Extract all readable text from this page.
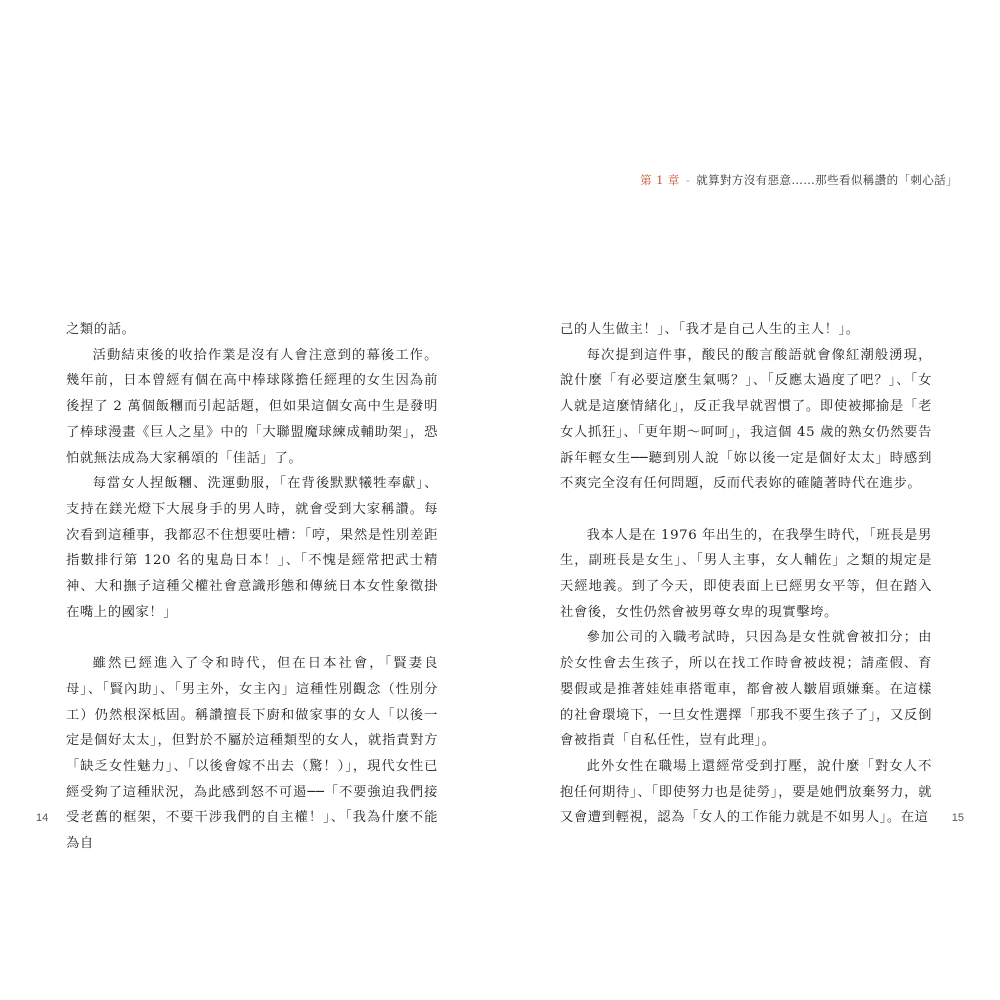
之類的話。

活動結束後的收拾作業是沒有人會注意到的幕後工作。幾年前，日本曾經有個在高中棒球隊擔任經理的女生因為前後捏了 2 萬個飯糰而引起話題，但如果這個女高中生是發明了棒球漫畫《巨人之星》中的「大聯盟魔球練成輔助架」，恐怕就無法成為大家稱頌的「佳話」了。

每當女人捏飯糰、洗運動服，「在背後默默犧牲奉獻」、支持在鎂光燈下大展身手的男人時，就會受到大家稱讚。每次看到這種事，我都忍不住想要吐槽：「哼，果然是性別差距指數排行第 120 名的鬼島日本！」、「不愧是經常把武士精神、大和撫子這種父權社會意識形態和傳統日本女性象徵掛在嘴上的國家！」

雖然已經進入了令和時代，但在日本社會，「賢妻良母」、「賢內助」、「男主外，女主內」這種性別觀念（性別分工）仍然根深柢固。稱讚擅長下廚和做家事的女人「以後一定是個好太太」，但對於不屬於這種類型的女人，就指責對方「缺乏女性魅力」、「以後會嫁不出去（驚！）」，現代女性已經受夠了這種狀況，為此感到怒不可遏──「不要強迫我們接受老舊的框架，不要干涉我們的自主權！」、「我為什麼不能為自

14
第 1 章 - 就算對方沒有惡意……那些看似稱讚的「刺心話」

己的人生做主！」、「我才是自己人生的主人！」。

每次提到這件事，酸民的酸言酸語就會像紅潮般湧現，說什麼「有必要這麼生氣嗎？」、「反應太過度了吧？」、「女人就是這麼情緒化」，反正我早就習慣了。即使被揶揄是「老女人抓狂」、「更年期～呵呵」，我這個 45 歲的熟女仍然要告訴年輕女生──聽到別人說「妳以後一定是個好太太」時感到不爽完全沒有任何問題，反而代表妳的確隨著時代在進步。

我本人是在 1976 年出生的，在我學生時代，「班長是男生，副班長是女生」、「男人主事，女人輔佐」之類的規定是天經地義。到了今天，即使表面上已經男女平等，但在踏入社會後，女性仍然會被男尊女卑的現實擊垮。

參加公司的入職考試時，只因為是女性就會被扣分；由於女性會去生孩子，所以在找工作時會被歧視；請產假、育嬰假或是推著娃娃車搭電車，都會被人皺眉頭嫌棄。在這樣的社會環境下，一旦女性選擇「那我不要生孩子了」，又反倒會被指責「自私任性，豈有此理」。

此外女性在職場上還經常受到打壓，說什麼「對女人不抱任何期待」、「即使努力也是徒勞」，要是她們放棄努力，就又會遭到輕視，認為「女人的工作能力就是不如男人」。在這	15
